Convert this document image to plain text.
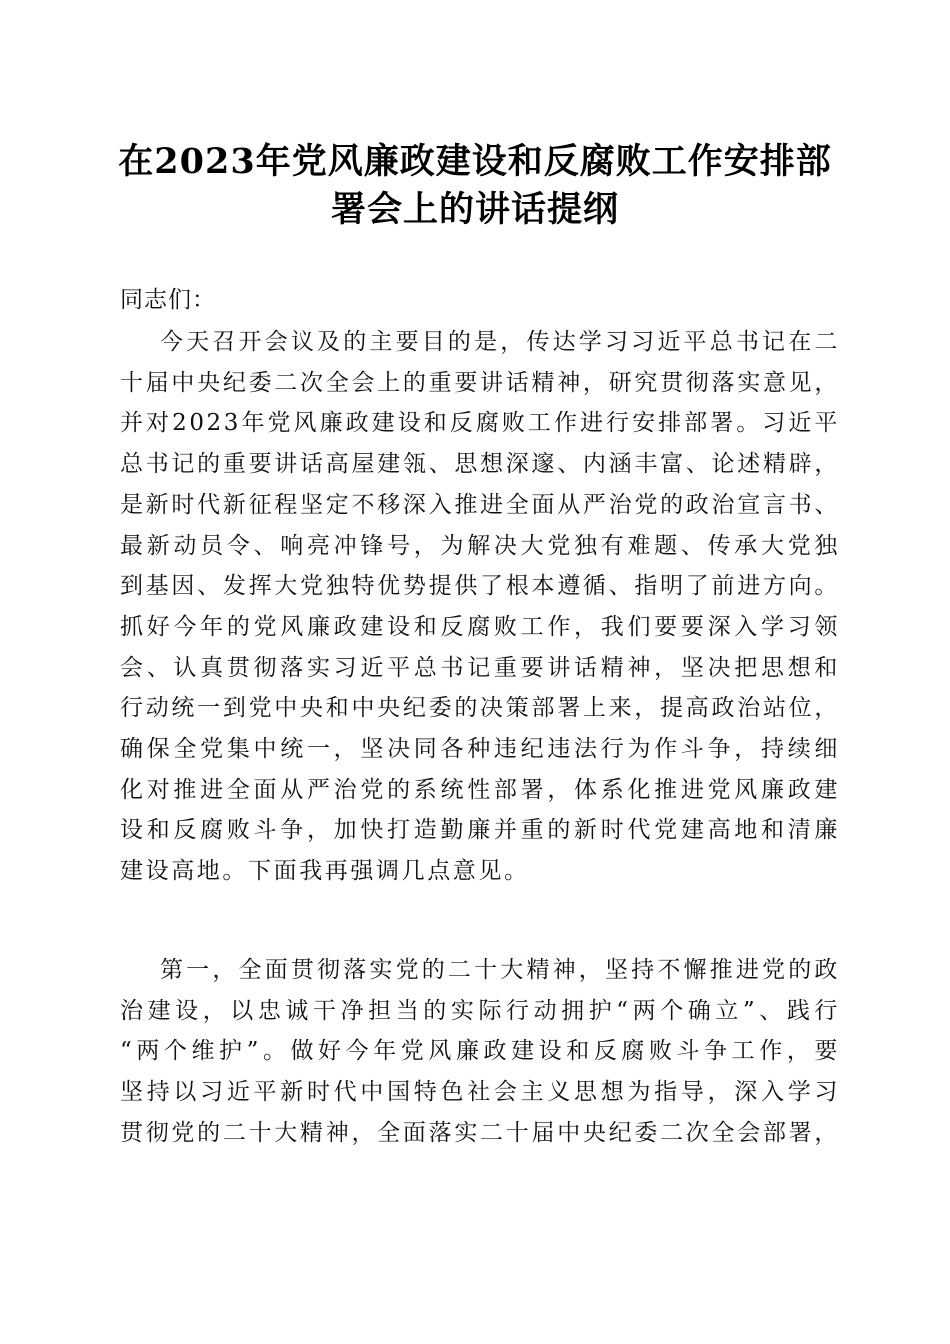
在2023年党风廉政建设和反腐败工作安排部
署会上的讲话提纲
同志们：
今天召开会议及的主要目的是，传达学习习近平总书记在二
十届中央纪委二次全会上的重要讲话精神，研究贯彻落实意见，
并对2023年党风廉政建设和反腐败工作进行安排部署。习近平
总书记的重要讲话高屋建瓴、思想深邃、内涵丰富、论述精辟，
是新时代新征程坚定不移深入推进全面从严治党的政治宣言书、
最新动员令、响亮冲锋号，为解决大党独有难题、传承大党独
到基因、发挥大党独特优势提供了根本遵循、指明了前进方向。
抓好今年的党风廉政建设和反腐败工作，我们要要深入学习领
会、认真贯彻落实习近平总书记重要讲话精神，坚决把思想和
行动统一到党中央和中央纪委的决策部署上来，提高政治站位，
确保全党集中统一，坚决同各种违纪违法行为作斗争，持续细
化对推进全面从严治党的系统性部署，体系化推进党风廉政建
设和反腐败斗争，加快打造勤廉并重的新时代党建高地和清廉
建设高地。下面我再强调几点意见。
第一，全面贯彻落实党的二十大精神，坚持不懈推进党的政
治建设，以忠诚干净担当的实际行动拥护“两个确立”、践行
“两个维护”。做好今年党风廉政建设和反腐败斗争工作，要
坚持以习近平新时代中国特色社会主义思想为指导，深入学习
贯彻党的二十大精神，全面落实二十届中央纪委二次全会部署，
